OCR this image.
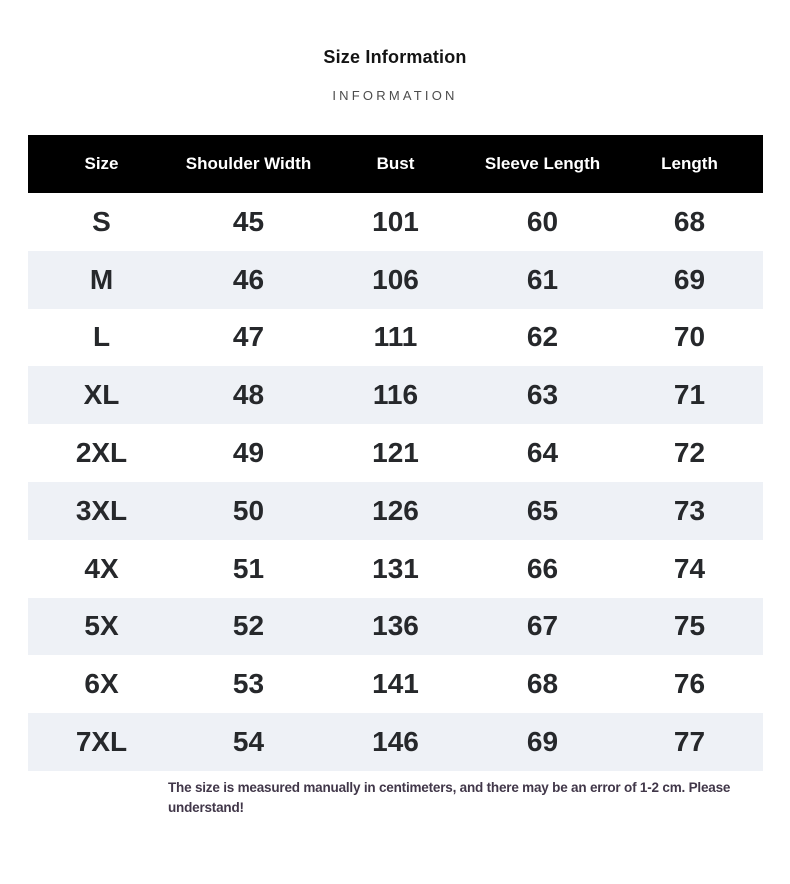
Size Information
INFORMATION
Size	Shoulder Width	Bust	Sleeve Length	Length
S	45	101	60	68
M	46	106	61	69
L	47	111	62	70
XL	48	116	63	71
2XL	49	121	64	72
3XL	50	126	65	73
4X	51	131	66	74
5X	52	136	67	75
6X	53	141	68	76
7XL	54	146	69	77

The size is measured manually in centimeters, and there may be an error of 1-2 cm. Please understand!
